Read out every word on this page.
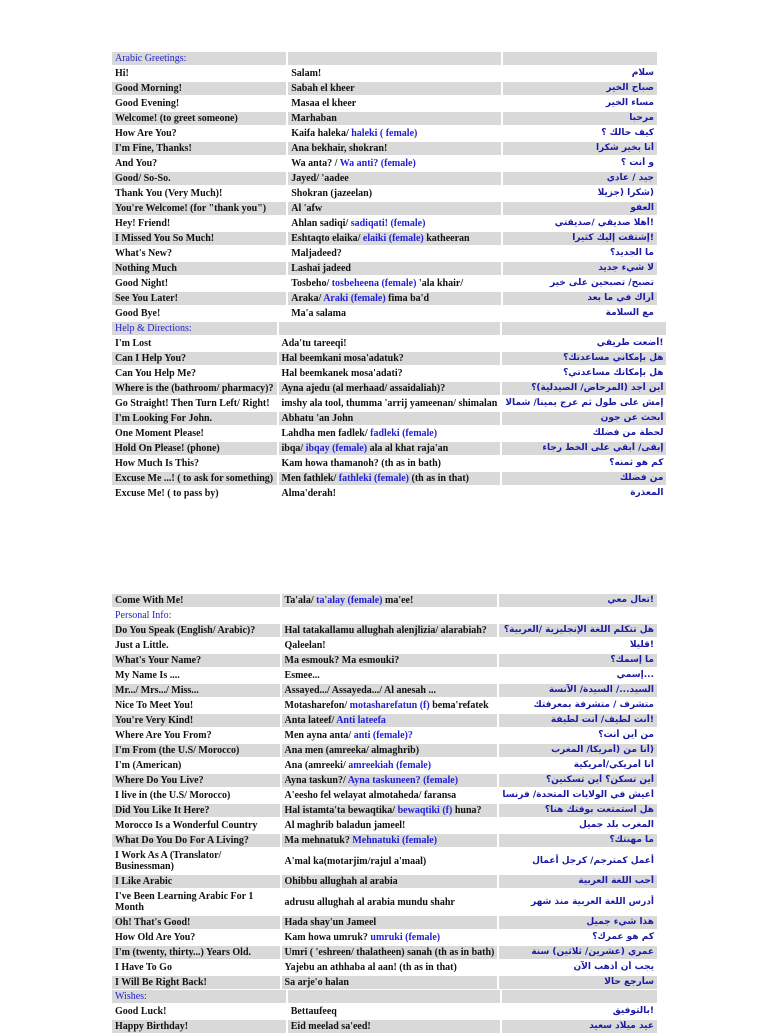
Arabic Greetings:		
Hi!	Salam!	سلام
Good Morning!	Sabah el kheer	صباح الخير
Good Evening!	Masaa el kheer	مساء الخير
Welcome! (to greet someone)	Marhaban	مرحبا
How Are You?	Kaifa haleka/ haleki ( female)	كيف حالك ؟
I'm Fine, Thanks!	Ana bekhair, shokran!	أنا بخير شكرا
And You?	Wa anta? / Wa anti? (female)	و أنت ؟
Good/ So-So.	Jayed/ 'aadee	جيد / عادي
Thank You (Very Much)!	Shokran (jazeelan)	(شكرا (جزيلا
You're Welcome! (for "thank you")	Al 'afw	العفو
Hey! Friend!	Ahlan sadiqi/ sadiqati! (female)	!أهلا صديقي /صديقتي
I Missed You So Much!	Eshtaqto elaika/ elaiki (female) katheeran	!إشتقت إليك كثيرا
What's New?	Maljadeed?	ما الجديد؟
Nothing Much	Lashai jadeed	لا شيء جديد
Good Night!	Tosbeho/ tosbeheena (female) 'ala khair/	تصبح/ تصبحين على خير
See You Later!	Araka/ Araki (female) fima ba'd	أراك في ما بعد
Good Bye!	Ma'a salama	مع السلامة
Help & Directions:		
I'm Lost	Ada'tu tareeqi!	!أضعت طريقي
Can I Help You?	Hal beemkani mosa'adatuk?	هل بإمكاني مساعدتك؟
Can You Help Me?	Hal beemkanek mosa'adati?	هل بإمكانك مساعدتي؟
Where is the (bathroom/ pharmacy)?	Ayna ajedu (al merhaad/ assaidaliah)?	أين أجد (المرحاض/ الصيدلية)؟
Go Straight! Then Turn Left/ Right!	imshy ala tool, thumma 'arrij yameenan/ shimalan	إمش على طول ثم عرج يمينا/ شمالا
I'm Looking For John.	Abhatu 'an John	أبحث عن جون
One Moment Please!	Lahdha men fadlek/ fadleki (female)	لحظة من فضلك
Hold On Please! (phone)	ibqa/ ibqay (female) ala al khat raja'an	إبقى/ أبقي على الخط رجاء
How Much Is This?	Kam howa thamanoh? (th as in bath)	كم هو ثمنه؟
Excuse Me ...! ( to ask for something)	Men fathlek/ fathleki (female) (th as in that)	من فضلك
Excuse Me! ( to pass by)	Alma'derah!	المعذرة
Come With Me!	Ta'ala/ ta'alay (female) ma'ee!	!تعال معي
Personal Info:		
Do You Speak (English/ Arabic)?	Hal tatakallamu allughah alenjlizia/ alarabiah?	هل تتكلم اللغة الإنجليزية /العربية؟
Just a Little.	Qaleelan!	!قليلا
What's Your Name?	Ma esmouk? Ma esmouki?	ما إسمك؟
My Name Is ....	Esmee...	...إسمي
Mr.../ Mrs.../ Miss...	Assayed.../ Assayeda.../ Al anesah ...	السيد.../ السيدة/ الآنسة
Nice To Meet You!	Motasharefon/ motasharefatun (f) bema'refatek	متشرف / متشرفة بمعرفتك
You're Very Kind!	Anta lateef/ Anti lateefa	!أنت لطيف/ أنت لطيفة
Where Are You From?	Men ayna anta/ anti (female)?	من أين أنت؟
I'm From (the U.S/ Morocco)	Ana men (amreeka/ almaghrib)	(أنا من (أمريكا/ المغرب
I'm (American)	Ana (amreeki/ amreekiah (female)	أنا أمريكي/أمريكية
Where Do You Live?	Ayna taskun?/ Ayna taskuneen? (female)	أين تسكن؟ أين تسكنين؟
I live in (the U.S/ Morocco)	A'eesho fel welayat almotaheda/ faransa	أعيش في الولايات المتحدة/ فرنسا
Did You Like It Here?	Hal istamta'ta bewaqtika/ bewaqtiki (f) huna?	هل استمتعت بوقتك هنا؟
Morocco Is a Wonderful Country	Al maghrib baladun jameel!	المغرب بلد جميل
What Do You Do For A Living?	Ma mehnatuk? Mehnatuki (female)	ما مهنتك؟
I Work As A (Translator/ Businessman)	A'mal ka(motarjim/rajul a'maal)	أعمل كمترجم/ كرجل أعمال
I Like Arabic	Ohibbu allughah al arabia	أحب اللغة العربية
I've Been Learning Arabic For 1 Month	adrusu allughah al arabia mundu shahr	أدرس اللغة العربية منذ شهر
Oh! That's Good!	Hada shay'un Jameel	هذا شيء جميل
How Old Are You?	Kam howa umruk? umruki (female)	كم هو عمرك؟
I'm (twenty, thirty...) Years Old.	Umri ( 'eshreen/ thalatheen) sanah (th as in bath)	عمري (عشرين/ ثلاثين) سنة
I Have To Go	Yajebu an athhaba al aan! (th as in that)	يجب أن أذهب الآن
I Will Be Right Back!	Sa arje'o halan	سأرجع حالا
Wishes:		
Good Luck!	Bettaufeeq	!بالتوفيق
Happy Birthday!	Eid meelad sa'eed!	عيد ميلاد سعيد
